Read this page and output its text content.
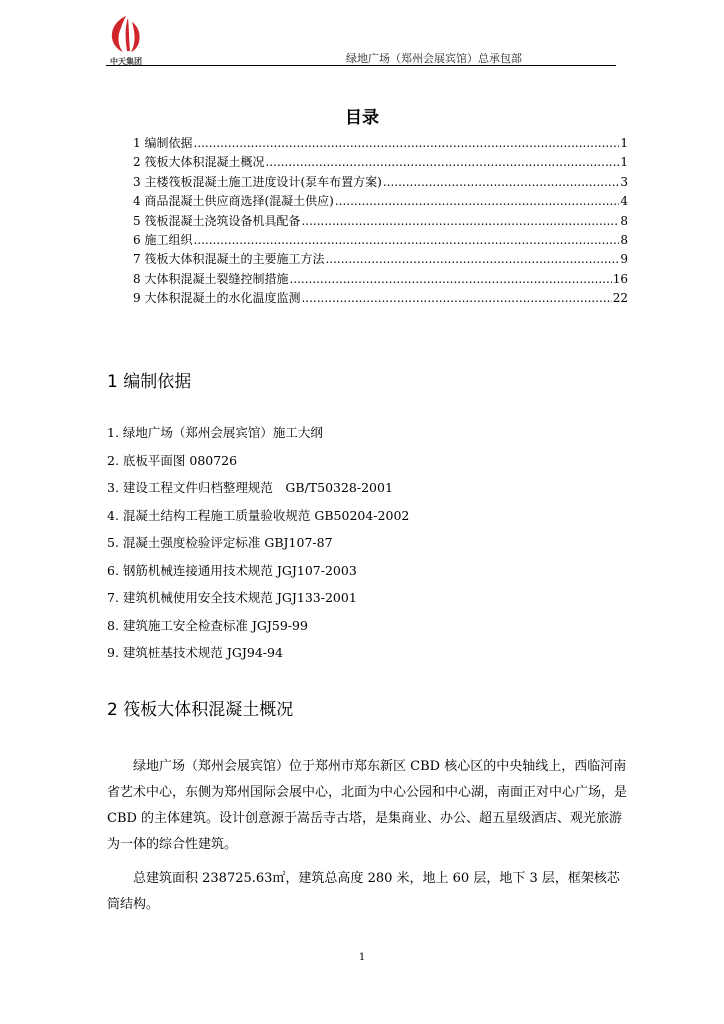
中天集团	绿地广场（郑州会展宾馆）总承包部
目录
1 编制依据 .....	1
2 筏板大体积混凝土概况 .....	1
3 主楼筏板混凝土施工进度设计(泵车布置方案) .....	3
4 商品混凝土供应商选择(混凝土供应) .....	4
5 筏板混凝土浇筑设备机具配备 .....	8
6 施工组织 .....	8
7 筏板大体积混凝土的主要施工方法 .....	9
8 大体积混凝土裂缝控制措施 .....	16
9 大体积混凝土的水化温度监测 .....	22
1 编制依据
1. 绿地广场（郑州会展宾馆）施工大纲
2. 底板平面图 080726
3. 建设工程文件归档整理规范　GB/T50328-2001
4. 混凝土结构工程施工质量验收规范 GB50204-2002
5. 混凝土强度检验评定标准 GBJ107-87
6. 钢筋机械连接通用技术规范 JGJ107-2003
7. 建筑机械使用安全技术规范 JGJ133-2001
8. 建筑施工安全检查标准 JGJ59-99
9. 建筑桩基技术规范 JGJ94-94
2 筏板大体积混凝土概况
绿地广场（郑州会展宾馆）位于郑州市郑东新区 CBD 核心区的中央轴线上，西临河南省艺术中心，东侧为郑州国际会展中心，北面为中心公园和中心湖，南面正对中心广场，是 CBD 的主体建筑。设计创意源于嵩岳寺古塔，是集商业、办公、超五星级酒店、观光旅游为一体的综合性建筑。
总建筑面积 238725.63㎡，建筑总高度 280 米，地上 60 层，地下 3 层，框架核芯筒结构。
1
